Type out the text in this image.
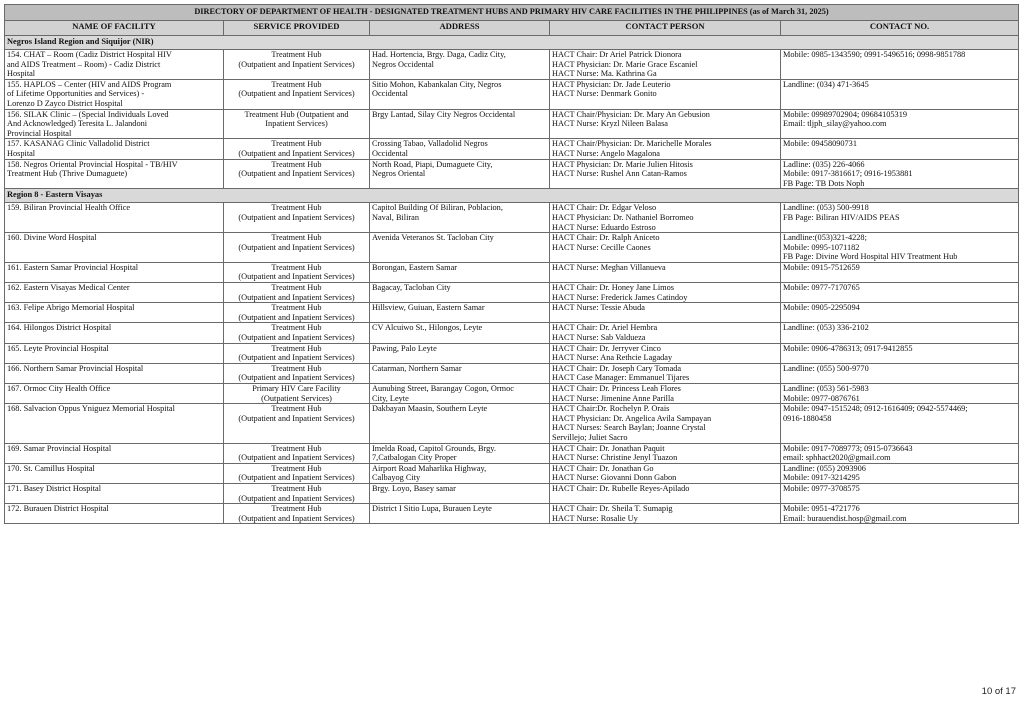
DIRECTORY OF DEPARTMENT OF HEALTH - DESIGNATED TREATMENT HUBS AND PRIMARY HIV CARE FACILITIES IN THE PHILIPPINES (as of March 31, 2025)				
NAME OF FACILITY	SERVICE PROVIDED	ADDRESS	CONTACT PERSON	CONTACT NO.
Negros Island Region and Siquijor (NIR)				

154. CHAT – Room (Cadiz District Hospital HIV
and AIDS Treatment – Room) - Cadiz District
Hospital	Treatment Hub
(Outpatient and Inpatient Services)	Had. Hortencia, Brgy. Daga, Cadiz City,
Negros Occidental	HACT Chair: Dr Ariel Patrick Dionora
HACT Physician: Dr. Marie Grace Escaniel
HACT Nurse: Ma. Kathrina Ga	Mobile: 0985-1343590; 0991-5496516; 0998-9851788

155. HAPLOS – Center (HIV and AIDS Program
of Lifetime Opportunities and Services) -
Lorenzo D Zayco District Hospital	Treatment Hub
(Outpatient and Inpatient Services)	Sitio Mohon, Kabankalan City, Negros
Occidental	HACT Physician: Dr. Jade Leuterio
HACT Nurse: Denmark Gonito	Landline: (034) 471-3645

156. SILAK Clinic – (Special Individuals Loved
And Acknowledged) Teresita L. Jalandoni
Provincial Hospital	Treatment Hub (Outpatient and
Inpatient Services)	Brgy Lantad, Silay City Negros Occidental	HACT Chair/Physician: Dr. Mary An Gebusion
HACT Nurse: Kryzl Nileen Balasa	Mobile: 09989702904; 09684105319
Email: tljph_silay@yahoo.com

157. KASANAG Clinic Valladolid District
Hospital	Treatment Hub
(Outpatient and Inpatient Services)	Crossing Tabao, Valladolid Negros
Occidental	HACT Chair/Physician: Dr. Marichelle Morales
HACT Nurse: Angelo Magalona	Mobile: 09458090731

158. Negros Oriental Provincial Hospital - TB/HIV
Treatment Hub (Thrive Dumaguete)	Treatment Hub
(Outpatient and Inpatient Services)	North Road, Piapi, Dumaguete City,
Negros Oriental	HACT Physician: Dr. Marie Julien Hitosis
HACT Nurse: Rushel Ann Catan-Ramos	Ladline: (035) 226-4066
Mobile: 0917-3816617; 0916-1953881
FB Page: TB Dots Noph

Region 8 - Eastern Visayas				

159. Biliran Provincial Health Office	Treatment Hub
(Outpatient and Inpatient Services)	Capitol Building Of Biliran, Poblacion,
Naval, Biliran	HACT Chair: Dr. Edgar Veloso
HACT Physician: Dr. Nathaniel Borromeo
HACT Nurse: Eduardo Estroso	Landline: (053) 500-9918
FB Page: Biliran HIV/AIDS PEAS

160. Divine Word Hospital	Treatment Hub
(Outpatient and Inpatient Services)	Avenida Veteranos St. Tacloban City	HACT Chair: Dr. Ralph Aniceto
HACT Nurse: Cecille Caones	Landline:(053)321-4228;
Mobile: 0995-1071182
FB Page: Divine Word Hospital HIV Treatment Hub

161. Eastern Samar Provincial Hospital	Treatment Hub
(Outpatient and Inpatient Services)	Borongan, Eastern Samar	HACT Nurse: Meghan Villanueva	Mobile: 0915-7512659

162. Eastern Visayas Medical Center	Treatment Hub
(Outpatient and Inpatient Services)	Bagacay, Tacloban City	HACT Chair: Dr. Honey Jane Limos
HACT Nurse: Frederick James Catindoy	Mobile: 0977-7170765

163. Felipe Abrigo Memorial Hospital	Treatment Hub
(Outpatient and Inpatient Services)	Hillsview, Guiuan, Eastern Samar	HACT Nurse: Tessie Abuda	Mobile: 0905-2295094

164. Hilongos District Hospital	Treatment Hub
(Outpatient and Inpatient Services)	CV Alcuiwo St., Hilongos, Leyte	HACT Chair: Dr. Ariel Hembra
HACT Nurse: Sab Valdueza	Landline: (053) 336-2102

165. Leyte Provincial Hospital	Treatment Hub
(Outpatient and Inpatient Services)	Pawing, Palo Leyte	HACT Chair: Dr. Jerryver Cinco
HACT Nurse: Ana Rethcie Lagaday	Mobile: 0906-4786313; 0917-9412855

166. Northern Samar Provincial Hospital	Treatment Hub
(Outpatient and Inpatient Services)	Catarman, Northern Samar	HACT Chair: Dr. Joseph Cary Tomada
HACT Case Manager: Emmanuel Tijares	Landline: (055) 500-9770

167. Ormoc City Health Office	Primary HIV Care Facility
(Outpatient Services)	Aunubing Street, Barangay Cogon, Ormoc
City, Leyte	HACT Chair: Dr. Princess Leah Flores
HACT Nurse: Jimenine Anne Parilla	Landline: (053) 561-5983
Mobile: 0977-0876761

168. Salvacion Oppus Yniguez Memorial Hospital	Treatment Hub
(Outpatient and Inpatient Services)	Dakbayan Maasin, Southern Leyte	HACT Chair:Dr. Rochelyn P. Orais
HACT Physician: Dr. Angelica Avila Sampayan
HACT Nurses: Search Baylan; Joanne Crystal
Servillejo; Juliet Sacro	Mobile: 0947-1515248; 0912-1616409; 0942-5574469;
0916-1880458

169. Samar Provincial Hospital	Treatment Hub
(Outpatient and Inpatient Services)	Imelda Road, Capitol Grounds, Brgy.
7,Catbalogan City Proper	HACT Chair: Dr. Jonathan Paquit
HACT Nurse: Christine Jenyl Tuazon	Mobile: 0917-7089773; 0915-0736643
email: sphhact2020@gmail.com

170. St. Camillus Hospital	Treatment Hub
(Outpatient and Inpatient Services)	Airport Road Maharlika Highway,
Calbayog City	HACT Chair: Dr. Jonathan Go
HACT Nurse: Giovanni Donn Gabon	Landline: (055) 2093906
Mobile: 0917-3214295

171. Basey District Hospital	Treatment Hub
(Outpatient and Inpatient Services)	Brgy. Loyo, Basey samar	HACT Chair: Dr. Rubelle Reyes-Apilado	Mobile: 0977-3708575

172. Burauen District Hospital	Treatment Hub
(Outpatient and Inpatient Services)	District I Sitio Lupa, Burauen Leyte	HACT Chair: Dr. Sheila T. Sumapig
HACT Nurse: Rosalie Uy	Mobile: 0951-4721776
Email: burauendist.hosp@gmail.com
10 of 17
